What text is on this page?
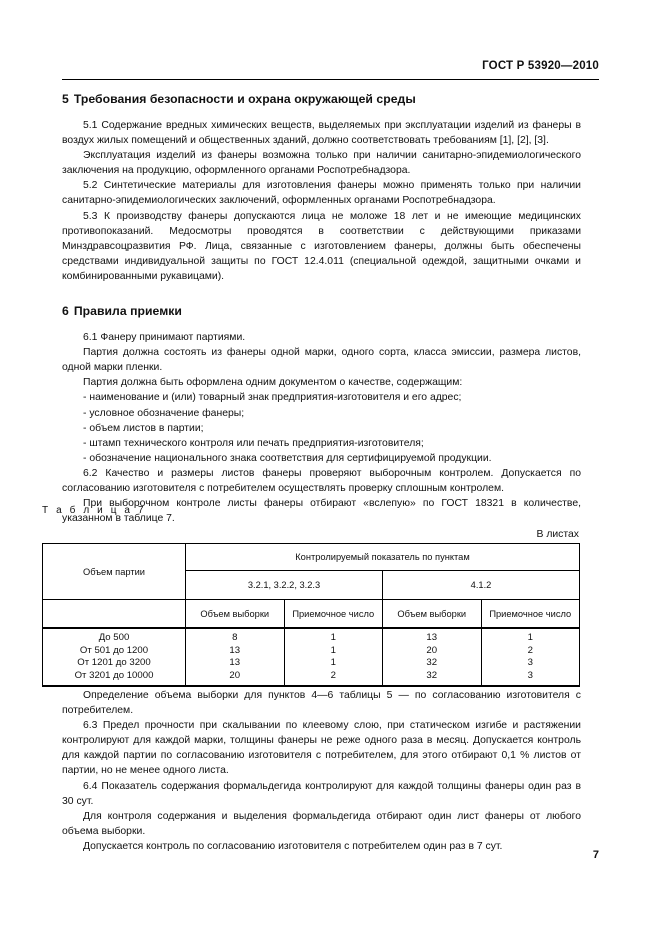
ГОСТ Р 53920—2010
5 Требования безопасности и охрана окружающей среды

5.1 Содержание вредных химических веществ, выделяемых при эксплуатации изделий из фанеры в воздух жилых помещений и общественных зданий, должно соответствовать требованиям [1], [2], [3].

Эксплуатация изделий из фанеры возможна только при наличии санитарно-эпидемиологического заключения на продукцию, оформленного органами Роспотребнадзора.

5.2 Синтетические материалы для изготовления фанеры можно применять только при наличии санитарно-эпидемиологических заключений, оформленных органами Роспотребнадзора.

5.3 К производству фанеры допускаются лица не моложе 18 лет и не имеющие медицинских противопоказаний. Медосмотры проводятся в соответствии с действующими приказами Минздравсоцразвития РФ. Лица, связанные с изготовлением фанеры, должны быть обеспечены средствами индивидуальной защиты по ГОСТ 12.4.011 (специальной одеждой, защитными очками и комбинированными рукавицами).

6 Правила приемки

6.1 Фанеру принимают партиями.

Партия должна состоять из фанеры одной марки, одного сорта, класса эмиссии, размера листов, одной марки пленки.

Партия должна быть оформлена одним документом о качестве, содержащим:

- наименование и (или) товарный знак предприятия-изготовителя и его адрес;

- условное обозначение фанеры;

- объем листов в партии;

- штамп технического контроля или печать предприятия-изготовителя;

- обозначение национального знака соответствия для сертифицируемой продукции.

6.2 Качество и размеры листов фанеры проверяют выборочным контролем. Допускается по согласованию изготовителя с потребителем осуществлять проверку сплошным контролем.

При выборочном контроле листы фанеры отбирают «вслепую» по ГОСТ 18321 в количестве, указанном в таблице 7.

Т а б л и ц а 7
В листах
Объем партии	Контролируемый показатель по пунктам			
	3.2.1, 3.2.2, 3.2.3		4.1.2	
	Объем выборки	Приемочное число	Объем выборки	Приемочное число
До 500	8	1	13	1
От 501 до 1200	13	1	20	2
От 1201 до 3200	13	1	32	3
От 3201 до 10000	20	2	32	3

Определение объема выборки для пунктов 4—6 таблицы 5 — по согласованию изготовителя с потребителем.

6.3 Предел прочности при скалывании по клеевому слою, при статическом изгибе и растяжении контролируют для каждой марки, толщины фанеры не реже одного раза в месяц. Допускается контроль для каждой партии по согласованию изготовителя с потребителем, для этого отбирают 0,1 % листов от партии, но не менее одного листа.

6.4 Показатель содержания формальдегида контролируют для каждой толщины фанеры один раз в 30 сут.

Для контроля содержания и выделения формальдегида отбирают один лист фанеры от любого объема выборки.

Допускается контроль по согласованию изготовителя с потребителем один раз в 7 сут.

7
